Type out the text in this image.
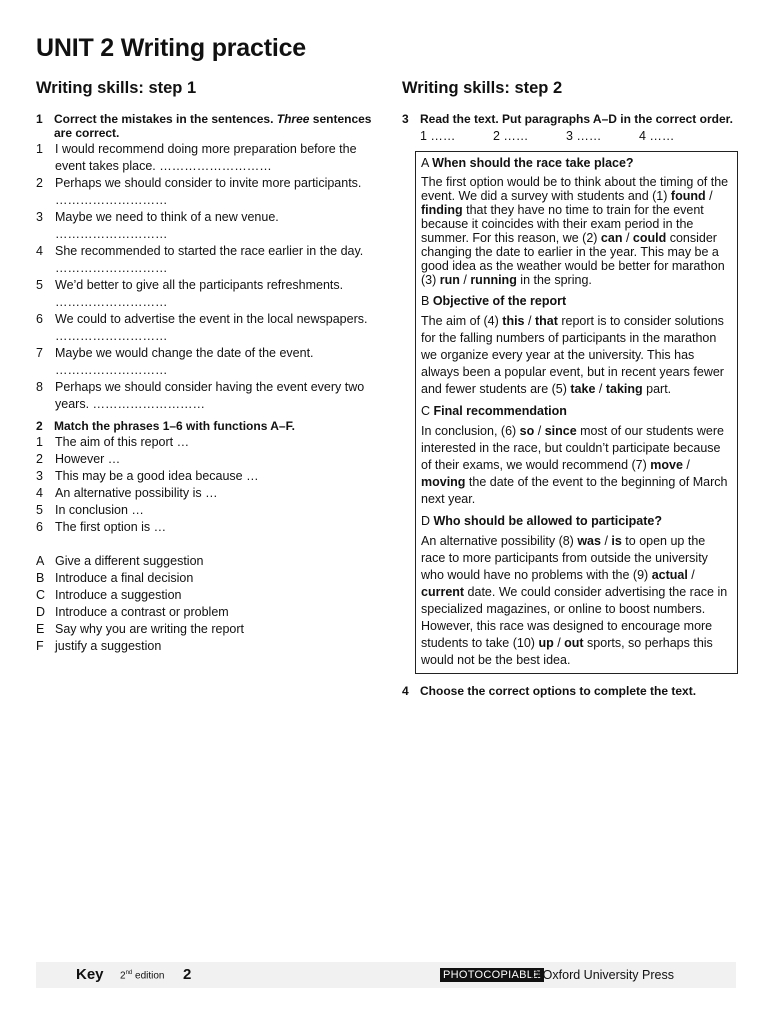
UNIT 2 Writing practice
Writing skills: step 1
1 Correct the mistakes in the sentences. Three sentences are correct.
1 I would recommend doing more preparation before the event takes place. ………………………
2 Perhaps we should consider to invite more participants. ………………………
3 Maybe we need to think of a new venue. ………………………
4 She recommended to started the race earlier in the day. ………………………
5 We’d better to give all the participants refreshments. ………………………
6 We could to advertise the event in the local newspapers. ………………………
7 Maybe we would change the date of the event. ………………………
8 Perhaps we should consider having the event every two years. ………………………
2 Match the phrases 1–6 with functions A–F.
1 The aim of this report …
2 However …
3 This may be a good idea because …
4 An alternative possibility is …
5 In conclusion …
6 The first option is …
A Give a different suggestion
B Introduce a final decision
C Introduce a suggestion
D Introduce a contrast or problem
E Say why you are writing the report
F justify a suggestion
Writing skills: step 2
3 Read the text. Put paragraphs A–D in the correct order.
1 ……	2 ……	3 ……	4 ……
A When should the race take place?
The first option would be to think about the timing of the event. We did a survey with students and (1) found / finding that they have no time to train for the event because it coincides with their exam period in the summer. For this reason, we (2) can / could consider changing the date to earlier in the year. This may be a good idea as the weather would be better for marathon (3) run / running in the spring.
B Objective of the report
The aim of (4) this / that report is to consider solutions for the falling numbers of participants in the marathon we organize every year at the university. This has always been a popular event, but in recent years fewer and fewer students are (5) take / taking part.
C Final recommendation
In conclusion, (6) so / since most of our students were interested in the race, but couldn’t participate because of their exams, we would recommend (7) move / moving the date of the event to the beginning of March next year.
D Who should be allowed to participate?
An alternative possibility (8) was / is to open up the race to more participants from outside the university who would have no problems with the (9) actual / current date. We could consider advertising the race in specialized magazines, or online to boost numbers. However, this race was designed to encourage more students to take (10) up / out sports, so perhaps this would not be the best idea.
4 Choose the correct options to complete the text.
Key 2nd edition 2	PHOTOCOPIABLE
© Oxford University Press
